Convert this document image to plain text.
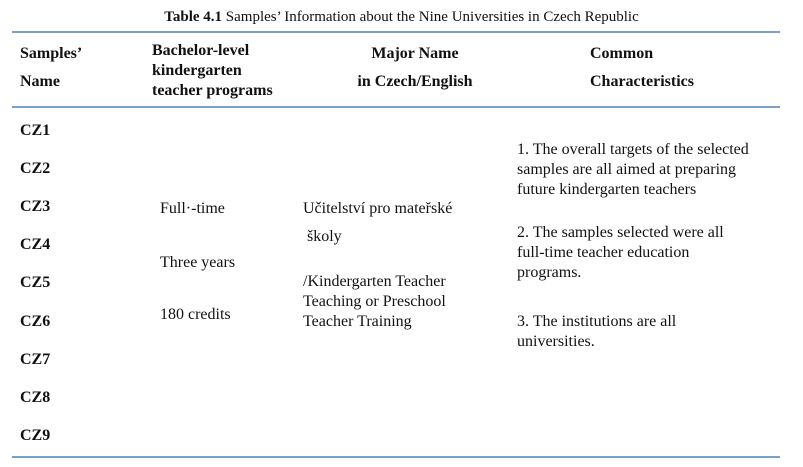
Table 4.1 Samples’ Information about the Nine Universities in Czech Republic
Samples’
Name
Bachelor-level
kindergarten
teacher programs
Major Name
in Czech/English
Common
Characteristics
CZ1
CZ2
CZ3
CZ4
CZ5
CZ6
CZ7
CZ8
CZ9
Full·-time
Three years
180 credits
Učitelství pro mateřské
školy
/Kindergarten Teacher
Teaching or Preschool
Teacher Training
1. The overall targets of the selected
samples are all aimed at preparing
future kindergarten teachers
2. The samples selected were all
full-time teacher education
programs.
3. The institutions are all
universities.
